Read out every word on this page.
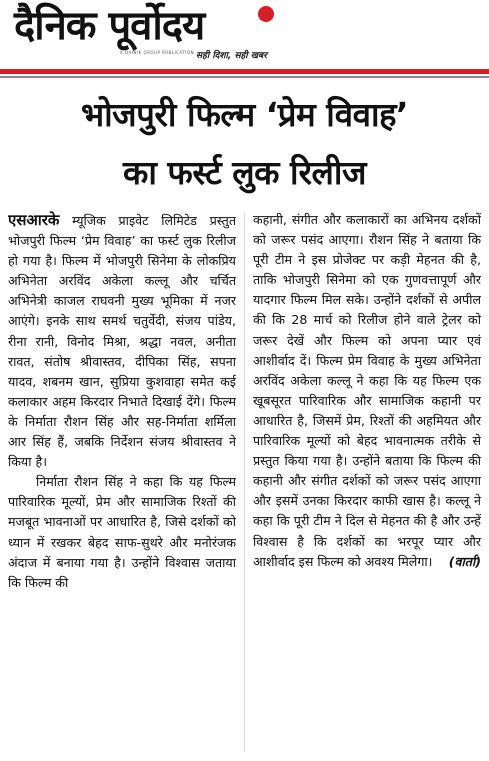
दैनिक पूर्वोदय
A DAINIK GROUP PUBLICATION सही दिशा, सही खबर
भोजपुरी फिल्म ‘प्रेम विवाह’
का फर्स्ट लुक रिलीज

एसआरके म्यूजिक प्राइवेट लिमिटेड प्रस्तुत भोजपुरी फिल्म ‘प्रेम विवाह’ का फर्स्ट लुक रिलीज हो गया है। फिल्म में भोजपुरी सिनेमा के लोकप्रिय अभिनेता अरविंद अकेला कल्लू और चर्चित अभिनेत्री काजल राघवनी मुख्य भूमिका में नजर आएंगे। इनके साथ समर्थ चतुर्वेदी, संजय पांडेय, रीना रानी, विनोद मिश्रा, श्रद्धा नवल, अनीता रावत, संतोष श्रीवास्तव, दीपिका सिंह, सपना यादव, शबनम खान, सुप्रिया कुशवाहा समेत कई कलाकार अहम किरदार निभाते दिखाई देंगे। फिल्म के निर्माता रौशन सिंह और सह-निर्माता शर्मिला आर सिंह हैं, जबकि निर्देशन संजय श्रीवास्तव ने किया है।

निर्माता रौशन सिंह ने कहा कि यह फिल्म पारिवारिक मूल्यों, प्रेम और सामाजिक रिश्तों की मजबूत भावनाओं पर आधारित है, जिसे दर्शकों को ध्यान में रखकर बेहद साफ-सुथरे और मनोरंजक अंदाज में बनाया गया है। उन्होंने विश्वास जताया कि फिल्म की

कहानी, संगीत और कलाकारों का अभिनय दर्शकों को जरूर पसंद आएगा। रौशन सिंह ने बताया कि पूरी टीम ने इस प्रोजेक्ट पर कड़ी मेहनत की है, ताकि भोजपुरी सिनेमा को एक गुणवत्तापूर्ण और यादगार फिल्म मिल सके। उन्होंने दर्शकों से अपील की कि 28 मार्च को रिलीज होने वाले ट्रेलर को जरूर देखें और फिल्म को अपना प्यार एवं आशीर्वाद दें। फिल्म प्रेम विवाह के मुख्य अभिनेता अरविंद अकेला कल्लू ने कहा कि यह फिल्म एक खूबसूरत पारिवारिक और सामाजिक कहानी पर आधारित है, जिसमें प्रेम, रिश्तों की अहमियत और पारिवारिक मूल्यों को बेहद भावनात्मक तरीके से प्रस्तुत किया गया है। उन्होंने बताया कि फिल्म की कहानी और संगीत दर्शकों को जरूर पसंद आएगा और इसमें उनका किरदार काफी खास है। कल्लू ने कहा कि पूरी टीम ने दिल से मेहनत की है और उन्हें विश्वास है कि दर्शकों का भरपूर प्यार और आशीर्वाद इस फिल्म को अवश्य मिलेगा। (वार्ता)
